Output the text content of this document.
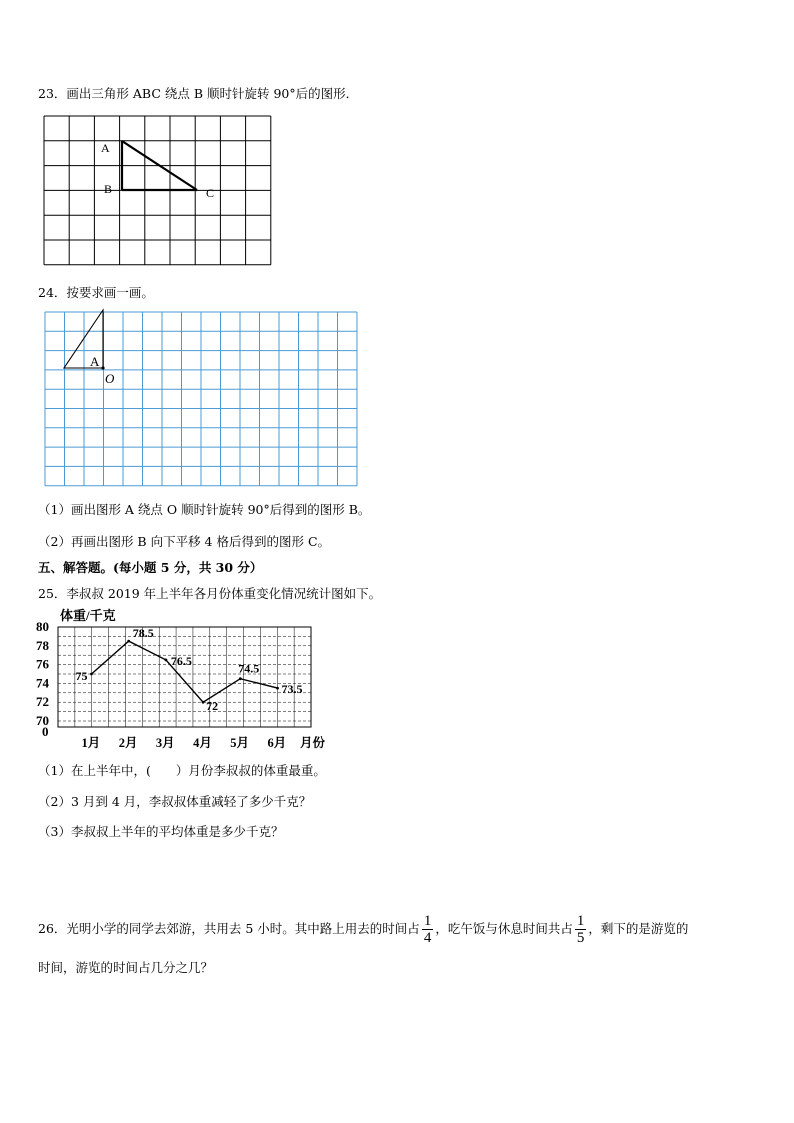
23．画出三角形 ABC 绕点 B 顺时针旋转 90°后的图形．
A
B	C
24．按要求画一画。
A
O
（1）画出图形 A 绕点 O 顺时针旋转 90°后得到的图形 B。
（2）再画出图形 B 向下平移 4 格后得到的图形 C。
五、解答题。(每小题 5 分，共 30 分）
25．李叔叔 2019 年上半年各月份体重变化情况统计图如下。
体重/千克
80
78
76
74
72
70
0
1月 2月 3月 4月 5月 6月
75
78.5
76.5
72
74.5
73.5
月份
（1）在上半年中，(　　）月份李叔叔的体重最重。
（2）3 月到 4 月，李叔叔体重减轻了多少千克？
（3）李叔叔上半年的平均体重是多少千克？
26．光明小学的同学去郊游，共用去 5 小时。其中路上用去的时间占 $\frac{1}{4}$ ，吃午饭与休息时间共占 $\frac{1}{5}$ ，剩下的是游览的
时间，游览的时间占几分之几？
